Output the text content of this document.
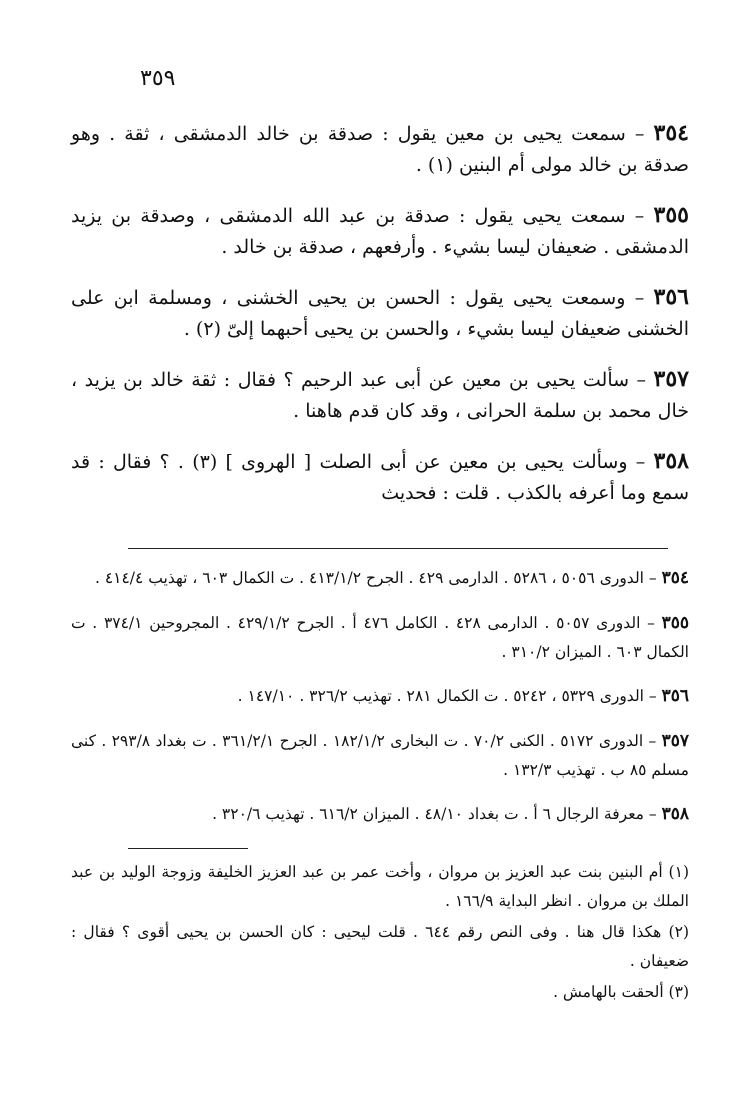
٣٥٩

٣٥٤ – سمعت يحيى بن معين يقول : صدقة بن خالد الدمشقى ، ثقة . وهو صدقة بن خالد مولى أم البنين (١) .

٣٥٥ – سمعت يحيى يقول : صدقة بن عبد الله الدمشقى ، وصدقة بن يزيد الدمشقى . ضعيفان ليسا بشيء . وأرفعهم ، صدقة بن خالد .

٣٥٦ – وسمعت يحيى يقول : الحسن بن يحيى الخشنى ، ومسلمة ابن على الخشنى ضعيفان ليسا بشيء ، والحسن بن يحيى أحبهما إلىّ (٢) .

٣٥٧ – سألت يحيى بن معين عن أبى عبد الرحيم ؟ فقال : ثقة خالد بن يزيد ، خال محمد بن سلمة الحرانى ، وقد كان قدم هاهنا .

٣٥٨ – وسألت يحيى بن معين عن أبى الصلت [ الهروى ] (٣) . ؟ فقال : قد سمع وما أعرفه بالكذب . قلت : فحديث

٣٥٤ – الدورى ٥٠٥٦ ، ٥٢٨٦ . الدارمى ٤٢٩ . الجرح ٤١٣/١/٢ . ت الكمال ٦٠٣ ، تهذيب ٤١٤/٤ .

٣٥٥ – الدورى ٥٠٥٧ . الدارمى ٤٢٨ . الكامل ٤٧٦ أ . الجرح ٤٢٩/١/٢ . المجروحين ٣٧٤/١ . ت الكمال ٦٠٣ . الميزان ٣١٠/٢ .

٣٥٦ – الدورى ٥٣٢٩ ، ٥٢٤٢ . ت الكمال ٢٨١ . تهذيب ٣٢٦/٢ . ١٤٧/١٠ .

٣٥٧ – الدورى ٥١٧٢ . الكنى ٧٠/٢ . ت البخارى ١٨٢/١/٢ . الجرح ٣٦١/٢/١ . ت بغداد ٢٩٣/٨ . كنى مسلم ٨٥ ب . تهذيب ١٣٢/٣ .

٣٥٨ – معرفة الرجال ٦ أ . ت بغداد ٤٨/١٠ . الميزان ٦١٦/٢ . تهذيب ٣٢٠/٦ .

(١) أم البنين بنت عبد العزيز بن مروان ، وأخت عمر بن عبد العزيز الخليفة وزوجة الوليد بن عبد الملك بن مروان . انظر البداية ١٦٦/٩ .

(٢) هكذا قال هنا . وفى النص رقم ٦٤٤ . قلت ليحيى : كان الحسن بن يحيى أقوى ؟ فقال : ضعيفان .

(٣) ألحقت بالهامش .
